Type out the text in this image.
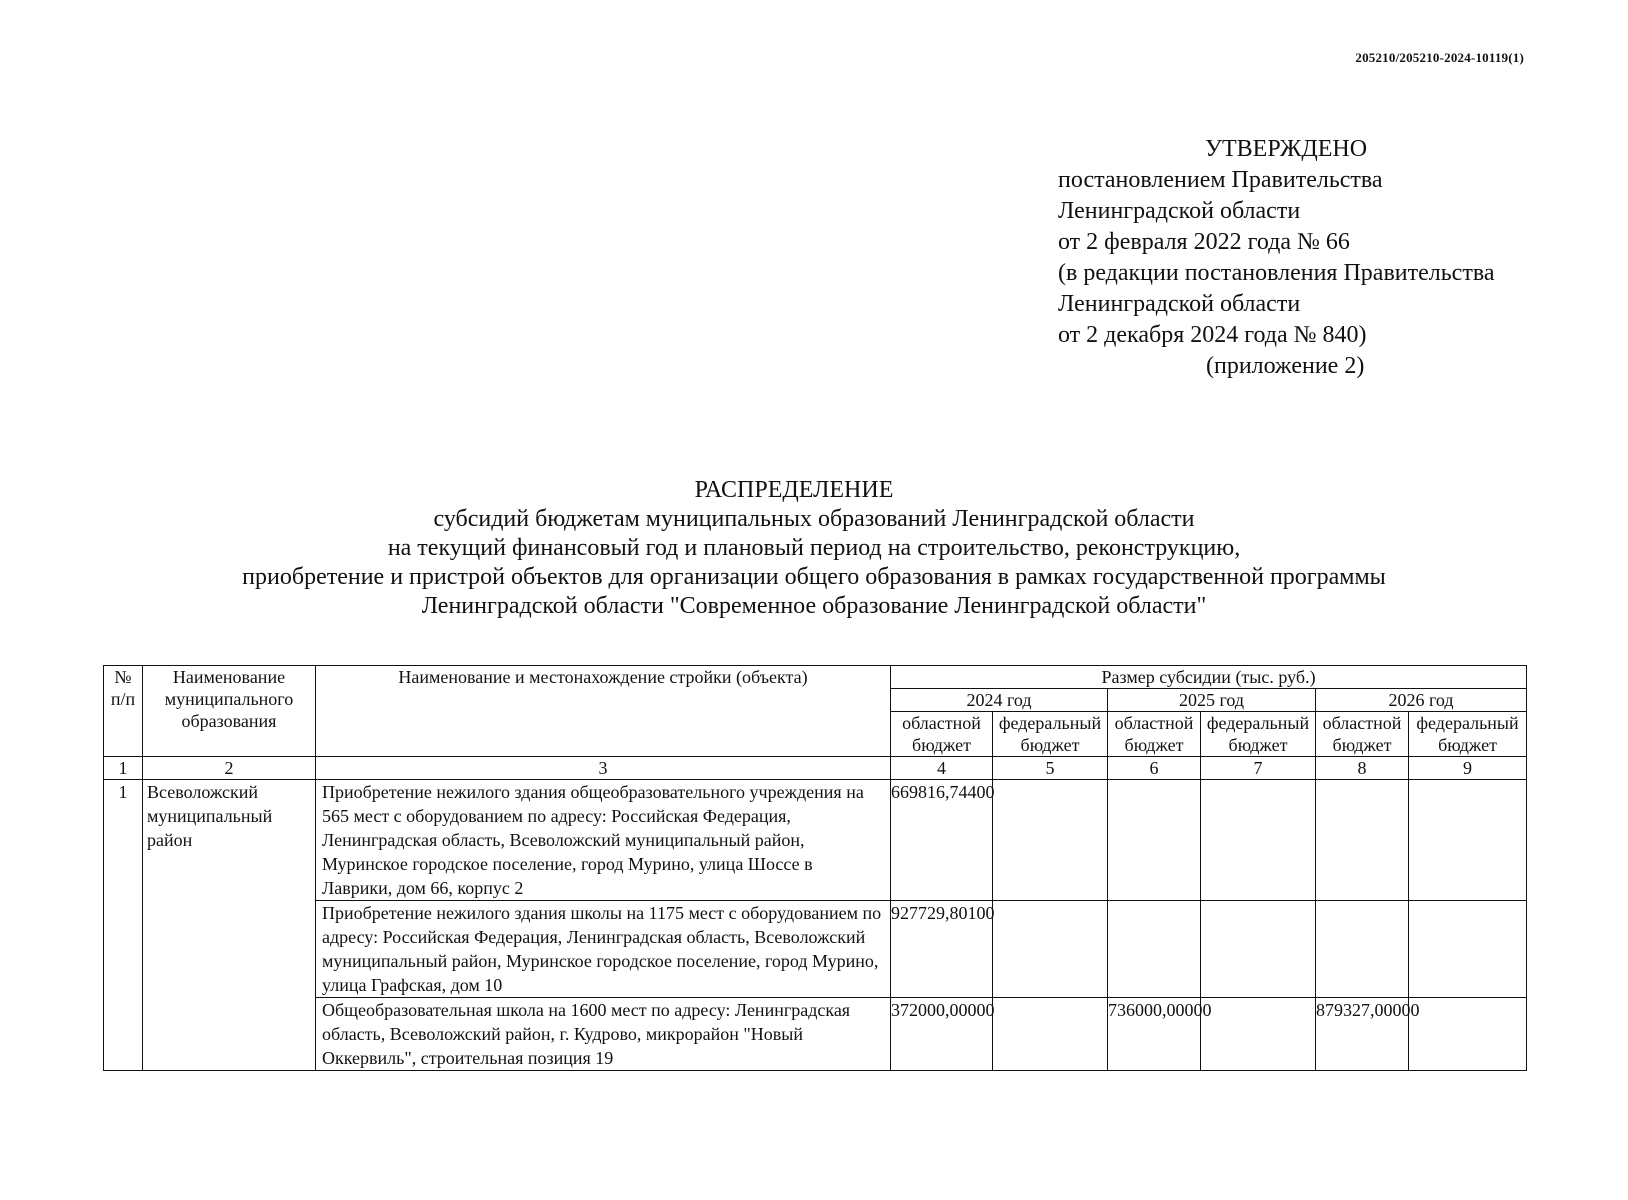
205210/205210-2024-10119(1)
УТВЕРЖДЕНО
постановлением Правительства
Ленинградской области
от 2 февраля 2022 года № 66
(в редакции постановления Правительства
Ленинградской области
от 2 декабря 2024 года № 840)
(приложение 2)
РАСПРЕДЕЛЕНИЕ
субсидий бюджетам муниципальных образований Ленинградской области
на текущий финансовый год и плановый период на строительство, реконструкцию,
приобретение и пристрой объектов для организации общего образования в рамках государственной программы
Ленинградской области "Современное образование Ленинградской области"
№ п/п	Наименование муниципального образования	Наименование и местонахождение стройки (объекта)	Размер субсидии (тыс. руб.)					
			2024 год		2025 год		2026 год	
			областной бюджет	федеральный бюджет	областной бюджет	федеральный бюджет	областной бюджет	федеральный бюджет
1	2	3	4	5	6	7	8	9
1	Всеволожский муниципальный район	Приобретение нежилого здания общеобразовательного учреждения на 565 мест с оборудованием по адресу: Российская Федерация, Ленинградская область, Всеволожский муниципальный район, Муринское городское поселение, город Мурино, улица Шоссе в Лаврики, дом 66, корпус 2	669816,74400					
		Приобретение нежилого здания школы на 1175 мест с оборудованием по адресу: Российская Федерация, Ленинградская область, Всеволожский муниципальный район, Муринское городское поселение, город Мурино, улица Графская, дом 10	927729,80100					
		Общеобразовательная школа на 1600 мест по адресу: Ленинградская область, Всеволожский район, г. Кудрово, микрорайон "Новый Оккервиль", строительная позиция 19	372000,00000		736000,00000		879327,00000	
